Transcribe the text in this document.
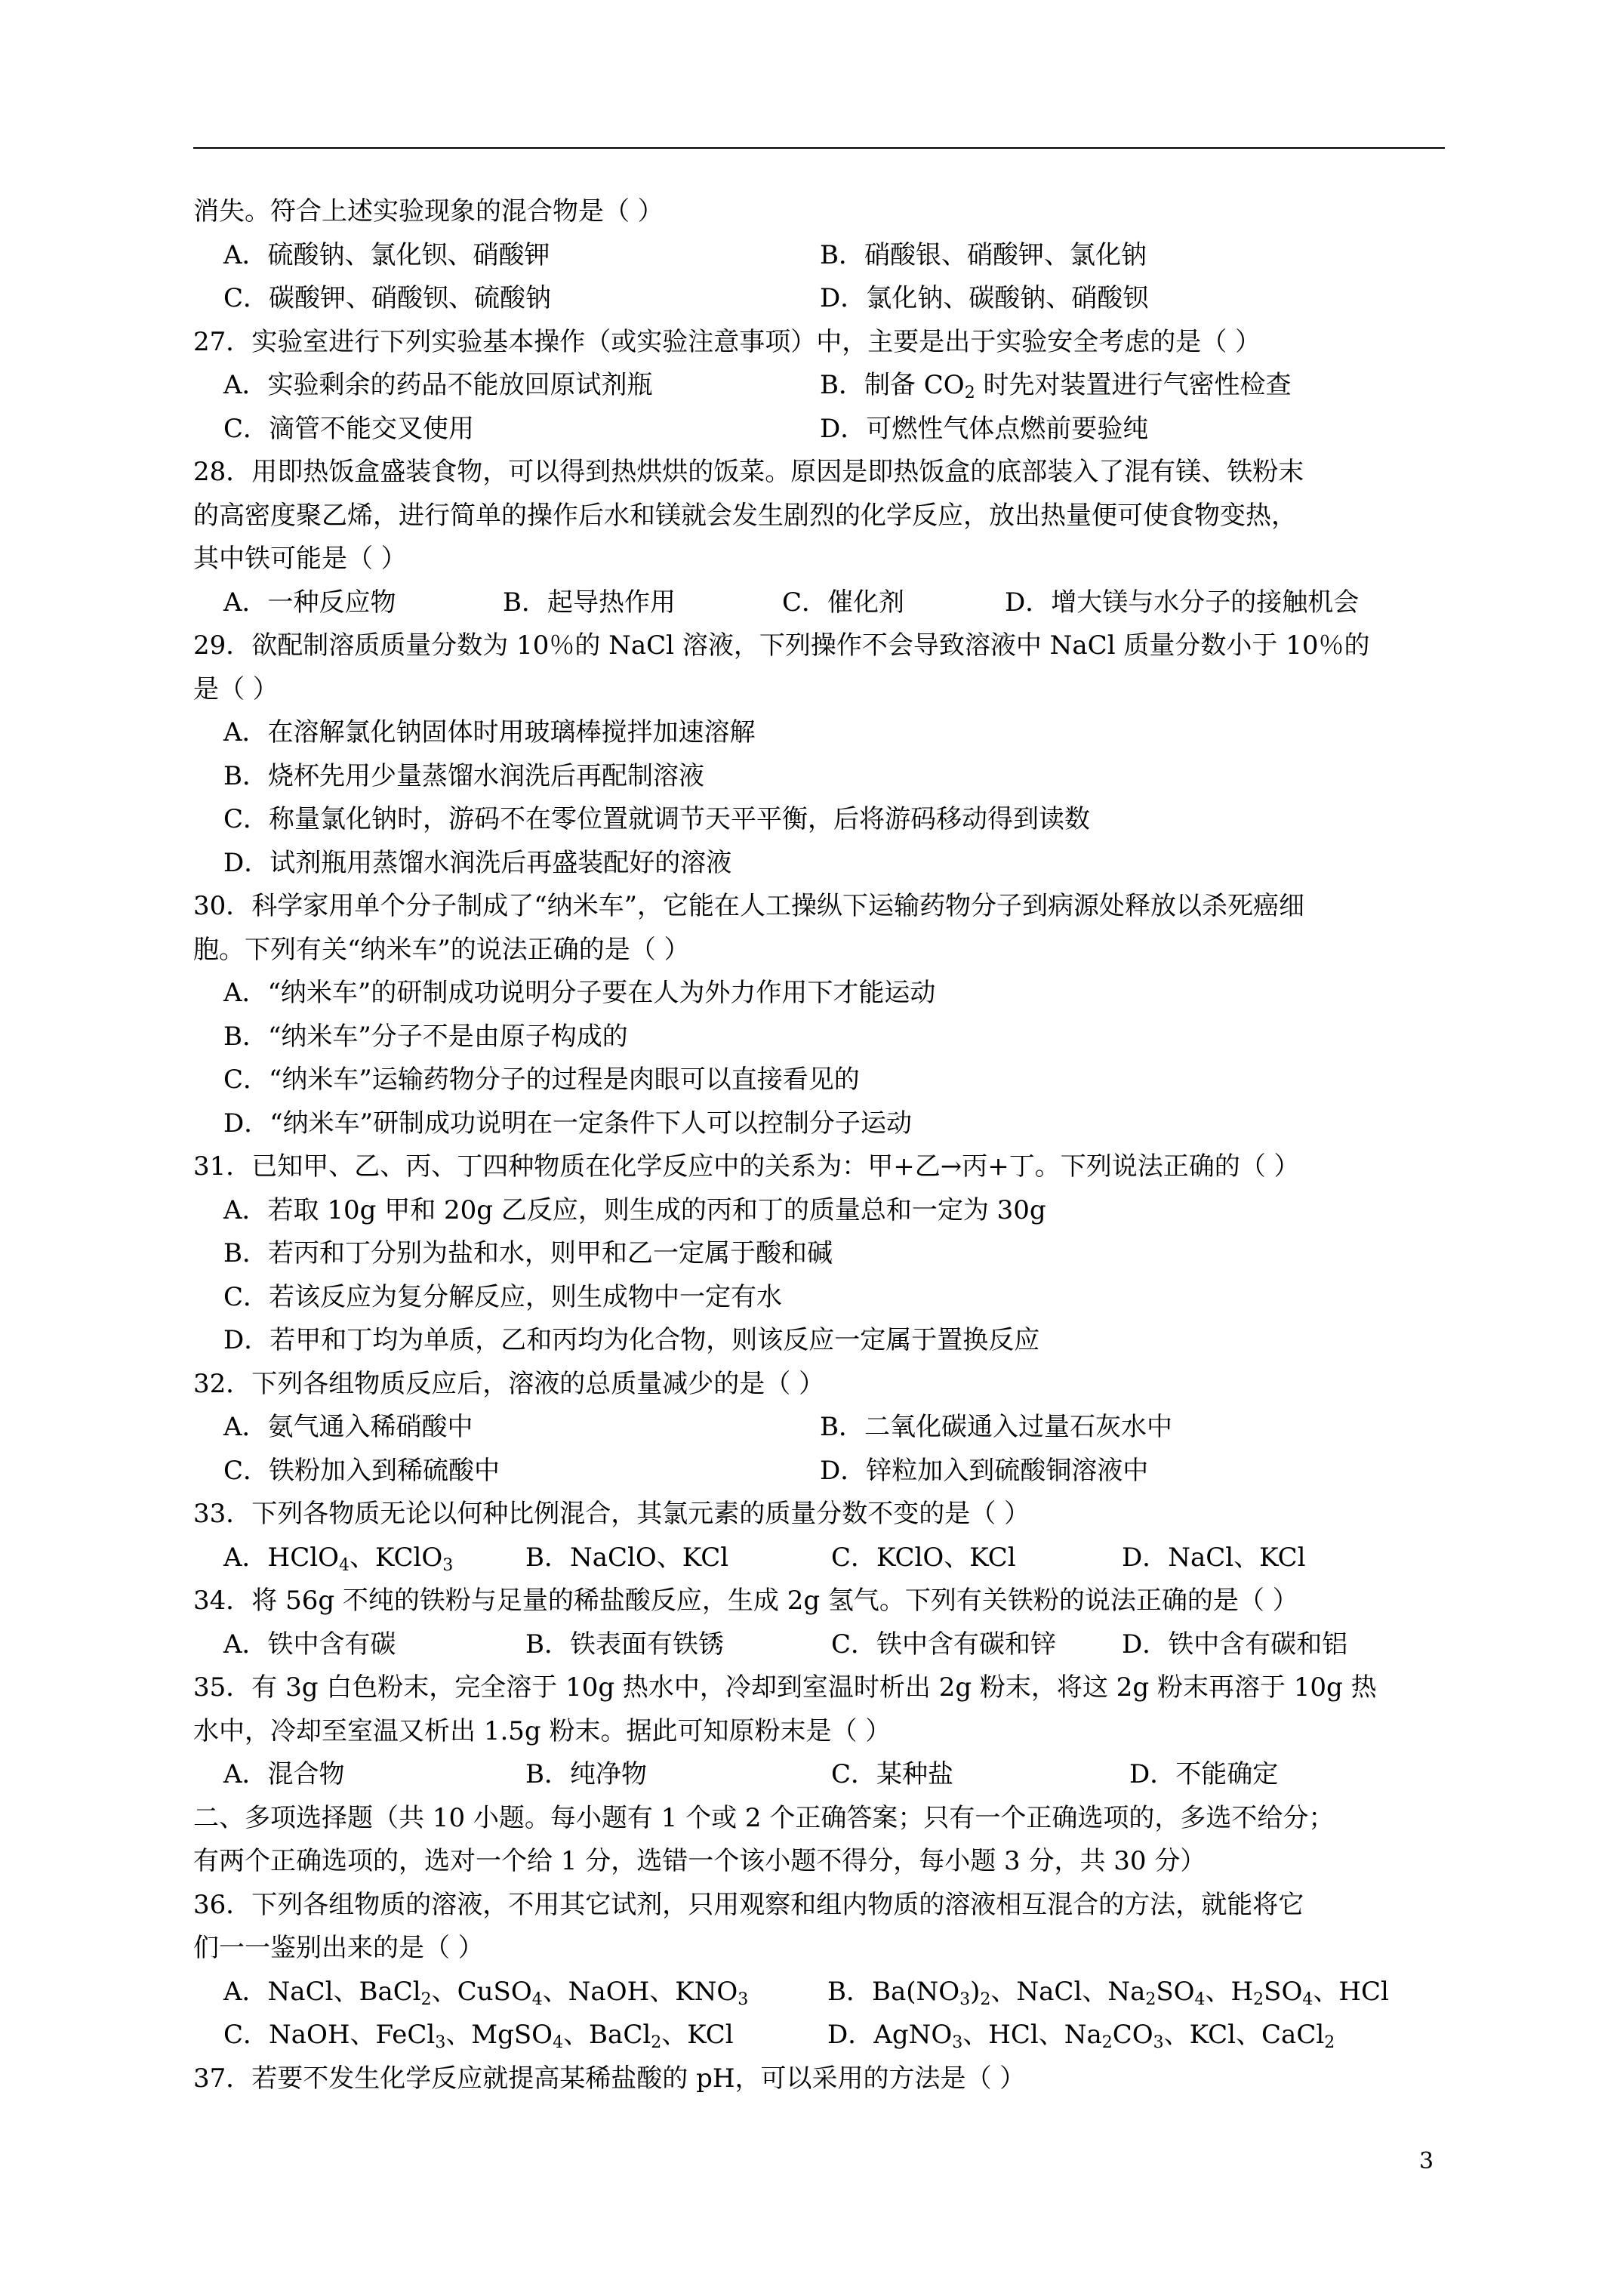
消失。符合上述实验现象的混合物是（ ）
A．硫酸钠、氯化钡、硝酸钾	B．硝酸银、硝酸钾、氯化钠
C．碳酸钾、硝酸钡、硫酸钠	D．氯化钠、碳酸钠、硝酸钡
27．实验室进行下列实验基本操作（或实验注意事项）中，主要是出于实验安全考虑的是（ ）
A．实验剩余的药品不能放回原试剂瓶	B．制备 $CO_2$ 时先对装置进行气密性检查
C．滴管不能交叉使用	D．可燃性气体点燃前要验纯
28．用即热饭盒盛装食物，可以得到热烘烘的饭菜。原因是即热饭盒的底部装入了混有镁、铁粉末
的高密度聚乙烯，进行简单的操作后水和镁就会发生剧烈的化学反应，放出热量便可使食物变热，
其中铁可能是（ ）
A．一种反应物	B．起导热作用	C．催化剂	D．增大镁与水分子的接触机会
29．欲配制溶质质量分数为 10％的 NaCl 溶液，下列操作不会导致溶液中 NaCl 质量分数小于 10％的
是（ ）
A．在溶解氯化钠固体时用玻璃棒搅拌加速溶解
B．烧杯先用少量蒸馏水润洗后再配制溶液
C．称量氯化钠时，游码不在零位置就调节天平平衡，后将游码移动得到读数
D．试剂瓶用蒸馏水润洗后再盛装配好的溶液
30．科学家用单个分子制成了“纳米车”，它能在人工操纵下运输药物分子到病源处释放以杀死癌细
胞。下列有关“纳米车”的说法正确的是（ ）
A．“纳米车”的研制成功说明分子要在人为外力作用下才能运动
B．“纳米车”分子不是由原子构成的
C．“纳米车”运输药物分子的过程是肉眼可以直接看见的
D．“纳米车”研制成功说明在一定条件下人可以控制分子运动
31．已知甲、乙、丙、丁四种物质在化学反应中的关系为：甲+乙→丙+丁。下列说法正确的（ ）
A．若取 10g 甲和 20g 乙反应，则生成的丙和丁的质量总和一定为 30g
B．若丙和丁分别为盐和水，则甲和乙一定属于酸和碱
C．若该反应为复分解反应，则生成物中一定有水
D．若甲和丁均为单质，乙和丙均为化合物，则该反应一定属于置换反应
32．下列各组物质反应后，溶液的总质量减少的是（ ）
A．氨气通入稀硝酸中	B．二氧化碳通入过量石灰水中
C．铁粉加入到稀硫酸中	D．锌粒加入到硫酸铜溶液中
33．下列各物质无论以何种比例混合，其氯元素的质量分数不变的是（ ）
A．HClO$_4$、KClO$_3$	B．NaClO、KCl	C．KClO、KCl	D．NaCl、KCl
34．将 56g 不纯的铁粉与足量的稀盐酸反应，生成 2g 氢气。下列有关铁粉的说法正确的是（ ）
A．铁中含有碳	B．铁表面有铁锈	C．铁中含有碳和锌	D．铁中含有碳和铝
35．有 3g 白色粉末，完全溶于 10g 热水中，冷却到室温时析出 2g 粉末，将这 2g 粉末再溶于 10g 热
水中，冷却至室温又析出 1.5g 粉末。据此可知原粉末是（ ）
A．混合物	B．纯净物	C．某种盐	D．不能确定
二、多项选择题（共 10 小题。每小题有 1 个或 2 个正确答案；只有一个正确选项的，多选不给分；
有两个正确选项的，选对一个给 1 分，选错一个该小题不得分，每小题 3 分，共 30 分）
36．下列各组物质的溶液，不用其它试剂，只用观察和组内物质的溶液相互混合的方法，就能将它
们一一鉴别出来的是（ ）
A．NaCl、BaCl$_2$、CuSO$_4$、NaOH、$KNO_3$	B．$Ba(NO_3)_2$、NaCl、$Na_2SO_4$、$H_2SO_4$、HCl
C．NaOH、FeCl$_3$、MgSO$_4$、BaCl$_2$、KCl	D．AgNO$_3$、HCl、$Na_2CO_3$、KCl、CaCl$_2$
37．若要不发生化学反应就提高某稀盐酸的 pH，可以采用的方法是（ ）
3
